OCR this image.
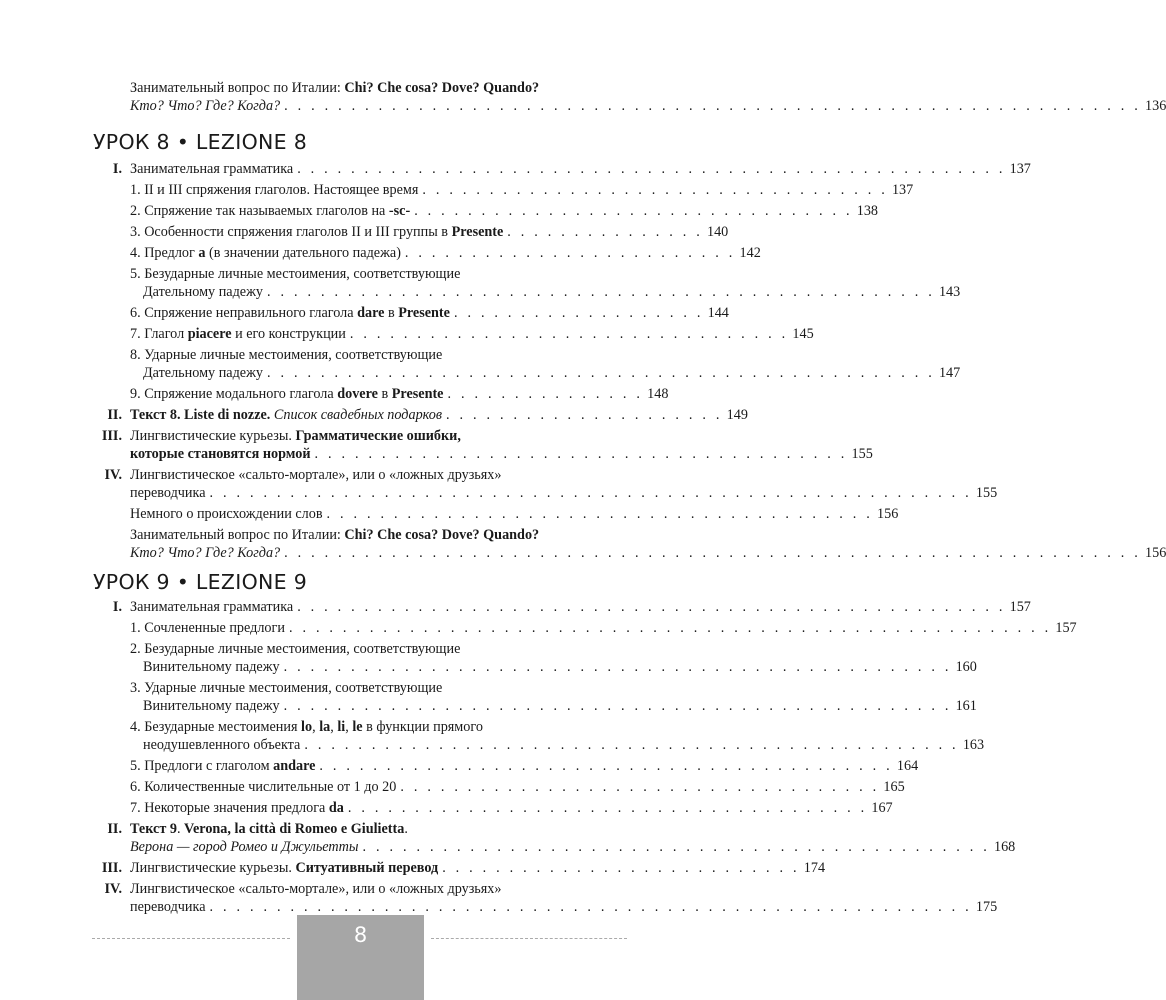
Занимательный вопрос по Италии: Chi? Che cosa? Dove? Quando?
Кто? Что? Где? Когда? . . . . . . . . . . . . . . . . . . . . . . . . . . . . . . . . . . . . . . . . . . . . . . . . . . . . . . . . . . . . . . . . 136
УРОК 8 • LEZIONE 8
I. Занимательная грамматика . . . . . . . . . . . . . . . . . . . . . . . . . . . . . . . . . . . . . . . . . . . . . . . . . . . . . 137
1. II и III спряжения глаголов. Настоящее время . . . . . . . . . . . . . . . . . . . . . . . . . . . . . . . . . . . 137
2. Спряжение так называемых глаголов на -sc- . . . . . . . . . . . . . . . . . . . . . . . . . . . . . . . . . 138
3. Особенности спряжения глаголов II и III группы в Presente . . . . . . . . . . . . . . . 140
4. Предлог a (в значении дательного падежа) . . . . . . . . . . . . . . . . . . . . . . . . . 142
5. Безударные личные местоимения, соответствующие
Дательному падежу . . . . . . . . . . . . . . . . . . . . . . . . . . . . . . . . . . . . . . . . . . . . . . . . . . 143
6. Спряжение неправильного глагола dare в Presente . . . . . . . . . . . . . . . . . . . 144
7. Глагол piacere и его конструкции . . . . . . . . . . . . . . . . . . . . . . . . . . . . . . . . . 145
8. Ударные личные местоимения, соответствующие
Дательному падежу . . . . . . . . . . . . . . . . . . . . . . . . . . . . . . . . . . . . . . . . . . . . . . . . . . 147
9. Спряжение модального глагола dovere в Presente . . . . . . . . . . . . . . . 148
II. Текст 8. Liste di nozze. Список свадебных подарков . . . . . . . . . . . . . . . . . . . . . 149
III. Лингвистические курьезы. Грамматические ошибки,
которые становятся нормой . . . . . . . . . . . . . . . . . . . . . . . . . . . . . . . . . . . . . . . . 155
IV. Лингвистическое «сальто-мортале», или о «ложных друзьях»
переводчика . . . . . . . . . . . . . . . . . . . . . . . . . . . . . . . . . . . . . . . . . . . . . . . . . . . . . . . . . 155
Немного о происхождении слов . . . . . . . . . . . . . . . . . . . . . . . . . . . . . . . . . . . . . . . . . 156
Занимательный вопрос по Италии: Chi? Che cosa? Dove? Quando?
Кто? Что? Где? Когда? . . . . . . . . . . . . . . . . . . . . . . . . . . . . . . . . . . . . . . . . . . . . . . . . . . . . . . . . . . . . . . . . 156
УРОК 9 • LEZIONE 9
I. Занимательная грамматика . . . . . . . . . . . . . . . . . . . . . . . . . . . . . . . . . . . . . . . . . . . . . . . . . . . . . 157
1. Сочлененные предлоги . . . . . . . . . . . . . . . . . . . . . . . . . . . . . . . . . . . . . . . . . . . . . . . . . . . . . . . . . 157
2. Безударные личные местоимения, соответствующие
Винительному падежу . . . . . . . . . . . . . . . . . . . . . . . . . . . . . . . . . . . . . . . . . . . . . . . . . . 160
3. Ударные личные местоимения, соответствующие
Винительному падежу . . . . . . . . . . . . . . . . . . . . . . . . . . . . . . . . . . . . . . . . . . . . . . . . . . 161
4. Безударные местоимения lo, la, li, le в функции прямого
неодушевленного объекта . . . . . . . . . . . . . . . . . . . . . . . . . . . . . . . . . . . . . . . . . . . . . . . . . 163
5. Предлоги с глаголом andare . . . . . . . . . . . . . . . . . . . . . . . . . . . . . . . . . . . . . . . . . . . 164
6. Количественные числительные от 1 до 20 . . . . . . . . . . . . . . . . . . . . . . . . . . . . . . . . . . . . 165
7. Некоторые значения предлога da . . . . . . . . . . . . . . . . . . . . . . . . . . . . . . . . . . . . . . . 167
II. Текст 9. Verona, la città di Romeo e Giulietta.
Верона — город Ромео и Джульетты . . . . . . . . . . . . . . . . . . . . . . . . . . . . . . . . . . . . . . . . . . . . . . . 168
III. Лингвистические курьезы. Ситуативный перевод . . . . . . . . . . . . . . . . . . . . . . . . . . . 174
IV. Лингвистическое «сальто-мортале», или о «ложных друзьях»
переводчика . . . . . . . . . . . . . . . . . . . . . . . . . . . . . . . . . . . . . . . . . . . . . . . . . . . . . . . . . 175
8
